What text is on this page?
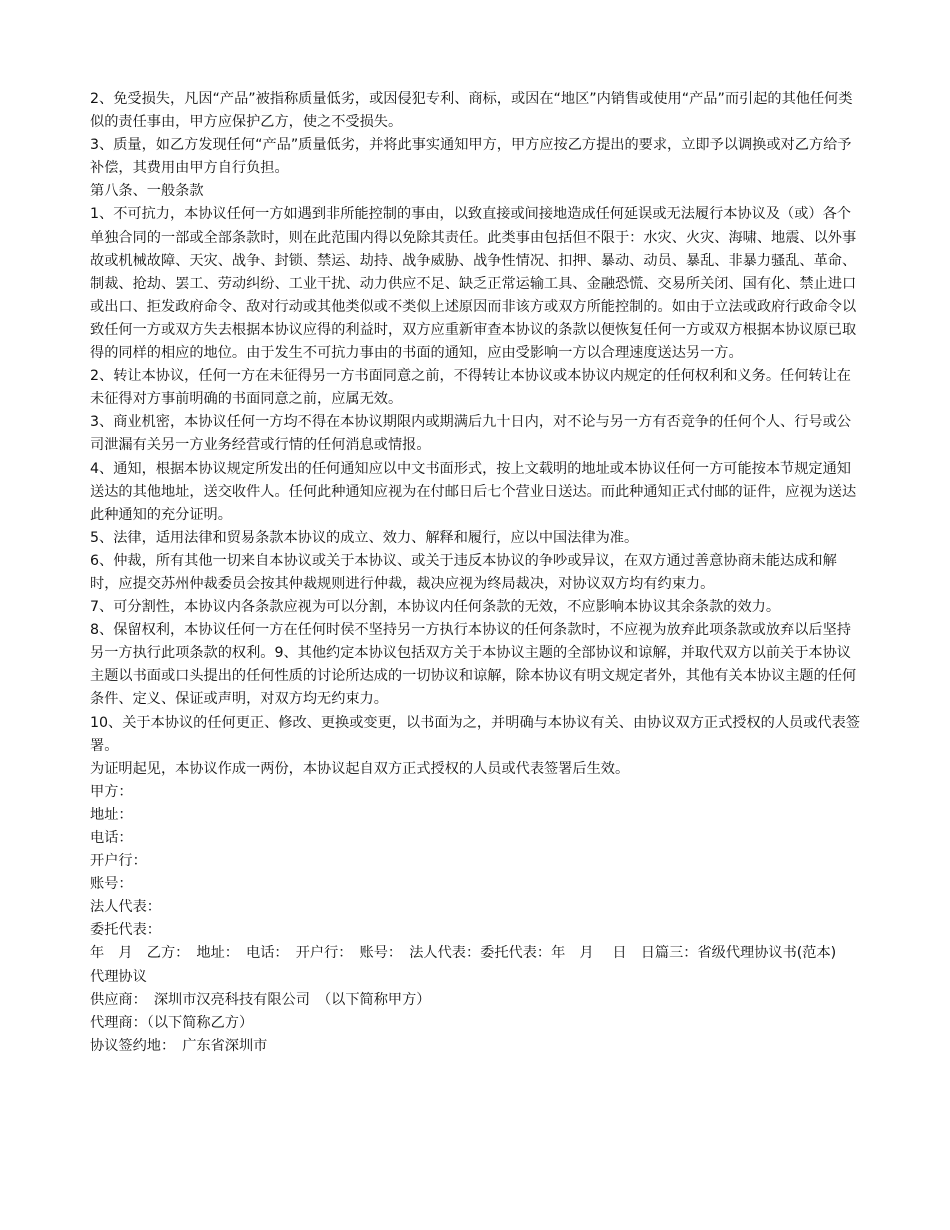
2、免受损失，凡因“产品”被指称质量低劣，或因侵犯专利、商标，或因在“地区”内销售或使用“产品”而引起的其他任何类似的责任事由，甲方应保护乙方，使之不受损失。

3、质量，如乙方发现任何“产品”质量低劣，并将此事实通知甲方，甲方应按乙方提出的要求，立即予以调换或对乙方给予补偿，其费用由甲方自行负担。

第八条、一般条款

1、不可抗力，本协议任何一方如遇到非所能控制的事由，以致直接或间接地造成任何延误或无法履行本协议及（或）各个单独合同的一部或全部条款时，则在此范围内得以免除其责任。此类事由包括但不限于：水灾、火灾、海啸、地震、以外事故或机械故障、天灾、战争、封锁、禁运、劫持、战争威胁、战争性情况、扣押、暴动、动员、暴乱、非暴力骚乱、革命、制裁、抢劫、罢工、劳动纠纷、工业干扰、动力供应不足、缺乏正常运输工具、金融恐慌、交易所关闭、国有化、禁止进口或出口、拒发政府命令、敌对行动或其他类似或不类似上述原因而非该方或双方所能控制的。如由于立法或政府行政命令以致任何一方或双方失去根据本协议应得的利益时，双方应重新审查本协议的条款以便恢复任何一方或双方根据本协议原已取得的同样的相应的地位。由于发生不可抗力事由的书面的通知，应由受影响一方以合理速度送达另一方。

2、转让本协议，任何一方在未征得另一方书面同意之前，不得转让本协议或本协议内规定的任何权利和义务。任何转让在未征得对方事前明确的书面同意之前，应属无效。

3、商业机密，本协议任何一方均不得在本协议期限内或期满后九十日内，对不论与另一方有否竞争的任何个人、行号或公司泄漏有关另一方业务经营或行情的任何消息或情报。

4、通知，根据本协议规定所发出的任何通知应以中文书面形式，按上文载明的地址或本协议任何一方可能按本节规定通知送达的其他地址，送交收件人。任何此种通知应视为在付邮日后七个营业日送达。而此种通知正式付邮的证件，应视为送达此种通知的充分证明。

5、法律，适用法律和贸易条款本协议的成立、效力、解释和履行，应以中国法律为准。

6、仲裁，所有其他一切来自本协议或关于本协议、或关于违反本协议的争吵或异议，在双方通过善意协商未能达成和解时，应提交苏州仲裁委员会按其仲裁规则进行仲裁，裁决应视为终局裁决，对协议双方均有约束力。

7、可分割性，本协议内各条款应视为可以分割，本协议内任何条款的无效，不应影响本协议其余条款的效力。

8、保留权利，本协议任何一方在任何时侯不坚持另一方执行本协议的任何条款时，不应视为放弃此项条款或放弃以后坚持另一方执行此项条款的权利。9、其他约定本协议包括双方关于本协议主题的全部协议和谅解，并取代双方以前关于本协议主题以书面或口头提出的任何性质的讨论所达成的一切协议和谅解，除本协议有明文规定者外，其他有关本协议主题的任何条件、定义、保证或声明，对双方均无约束力。

10、关于本协议的任何更正、修改、更换或变更，以书面为之，并明确与本协议有关、由协议双方正式授权的人员或代表签署。

为证明起见，本协议作成一两份，本协议起自双方正式授权的人员或代表签署后生效。

甲方：

地址：

电话：

开户行：

账号：

法人代表：

委托代表：

年　月　乙方：　地址：　电话：　开户行：　账号：　法人代表：委托代表：年　月　 日　日篇三：省级代理协议书(范本)

代理协议

供应商：　深圳市汉亮科技有限公司　（以下简称甲方）

代理商：（以下简称乙方）

协议签约地：　广东省深圳市
